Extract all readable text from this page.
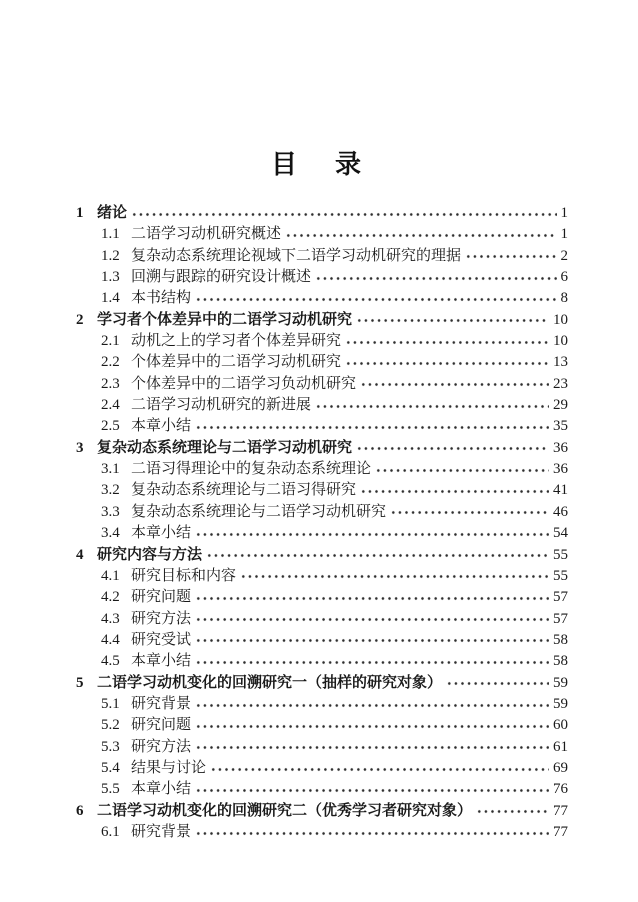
目　录
1 绪论	1
1.1 二语学习动机研究概述	1
1.2 复杂动态系统理论视域下二语学习动机研究的理据	2
1.3 回溯与跟踪的研究设计概述	6
1.4 本书结构	8
2 学习者个体差异中的二语学习动机研究	10
2.1 动机之上的学习者个体差异研究	10
2.2 个体差异中的二语学习动机研究	13
2.3 个体差异中的二语学习负动机研究	23
2.4 二语学习动机研究的新进展	29
2.5 本章小结	35
3 复杂动态系统理论与二语学习动机研究	36
3.1 二语习得理论中的复杂动态系统理论	36
3.2 复杂动态系统理论与二语习得研究	41
3.3 复杂动态系统理论与二语学习动机研究	46
3.4 本章小结	54
4 研究内容与方法	55
4.1 研究目标和内容	55
4.2 研究问题	57
4.3 研究方法	57
4.4 研究受试	58
4.5 本章小结	58
5 二语学习动机变化的回溯研究一（抽样的研究对象）	59
5.1 研究背景	59
5.2 研究问题	60
5.3 研究方法	61
5.4 结果与讨论	69
5.5 本章小结	76
6 二语学习动机变化的回溯研究二（优秀学习者研究对象）	77
6.1 研究背景	77
